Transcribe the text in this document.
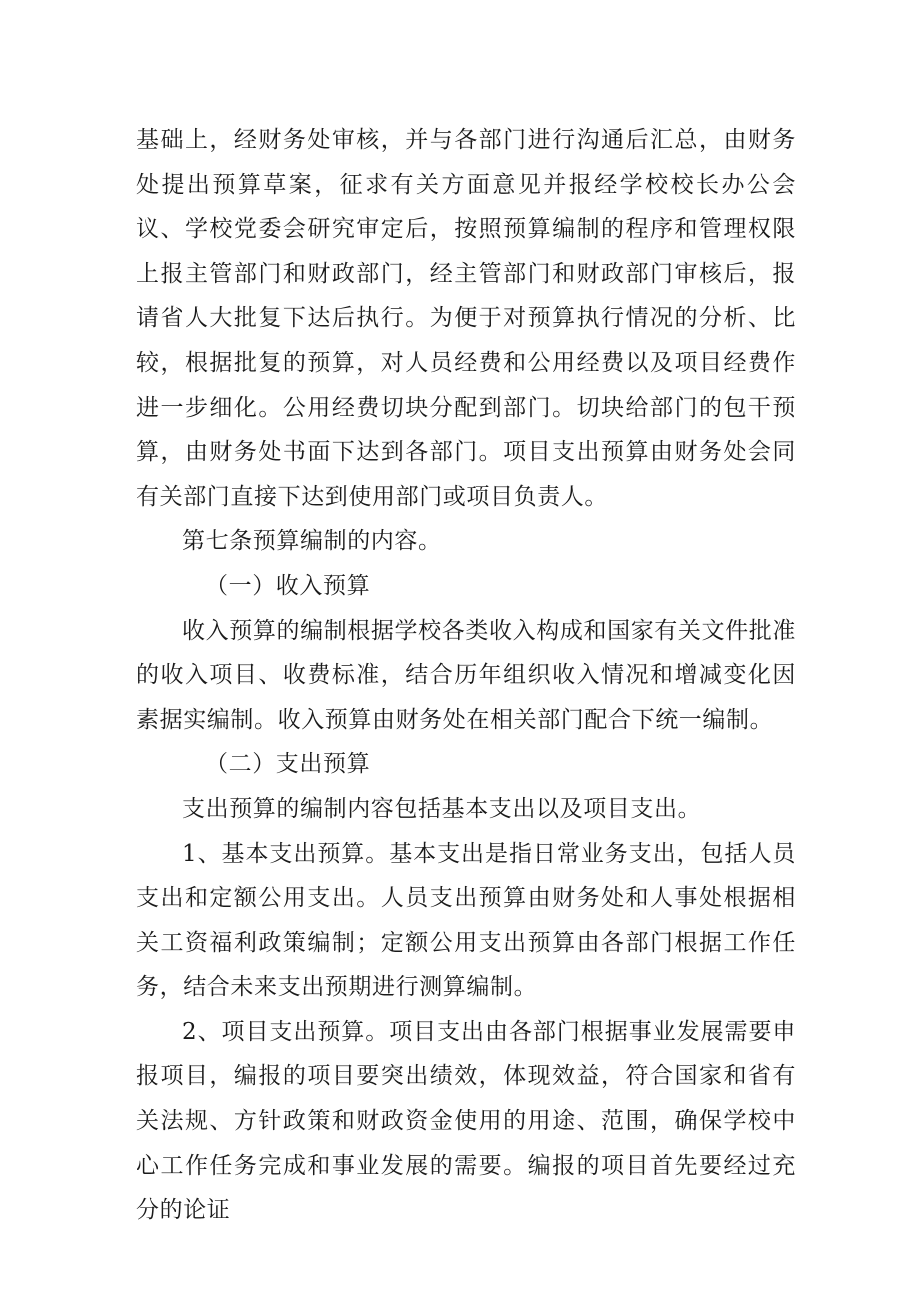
基础上，经财务处审核，并与各部门进行沟通后汇总，由财务处提出预算草案，征求有关方面意见并报经学校校长办公会议、学校党委会研究审定后，按照预算编制的程序和管理权限上报主管部门和财政部门，经主管部门和财政部门审核后，报请省人大批复下达后执行。为便于对预算执行情况的分析、比较，根据批复的预算，对人员经费和公用经费以及项目经费作进一步细化。公用经费切块分配到部门。切块给部门的包干预算，由财务处书面下达到各部门。项目支出预算由财务处会同有关部门直接下达到使用部门或项目负责人。

第七条预算编制的内容。

（一）收入预算

收入预算的编制根据学校各类收入构成和国家有关文件批准的收入项目、收费标准，结合历年组织收入情况和增减变化因素据实编制。收入预算由财务处在相关部门配合下统一编制。

（二）支出预算

支出预算的编制内容包括基本支出以及项目支出。

1、基本支出预算。基本支出是指日常业务支出，包括人员支出和定额公用支出。人员支出预算由财务处和人事处根据相关工资福利政策编制；定额公用支出预算由各部门根据工作任务，结合未来支出预期进行测算编制。

2、项目支出预算。项目支出由各部门根据事业发展需要申报项目，编报的项目要突出绩效，体现效益，符合国家和省有关法规、方针政策和财政资金使用的用途、范围，确保学校中心工作任务完成和事业发展的需要。编报的项目首先要经过充分的论证
